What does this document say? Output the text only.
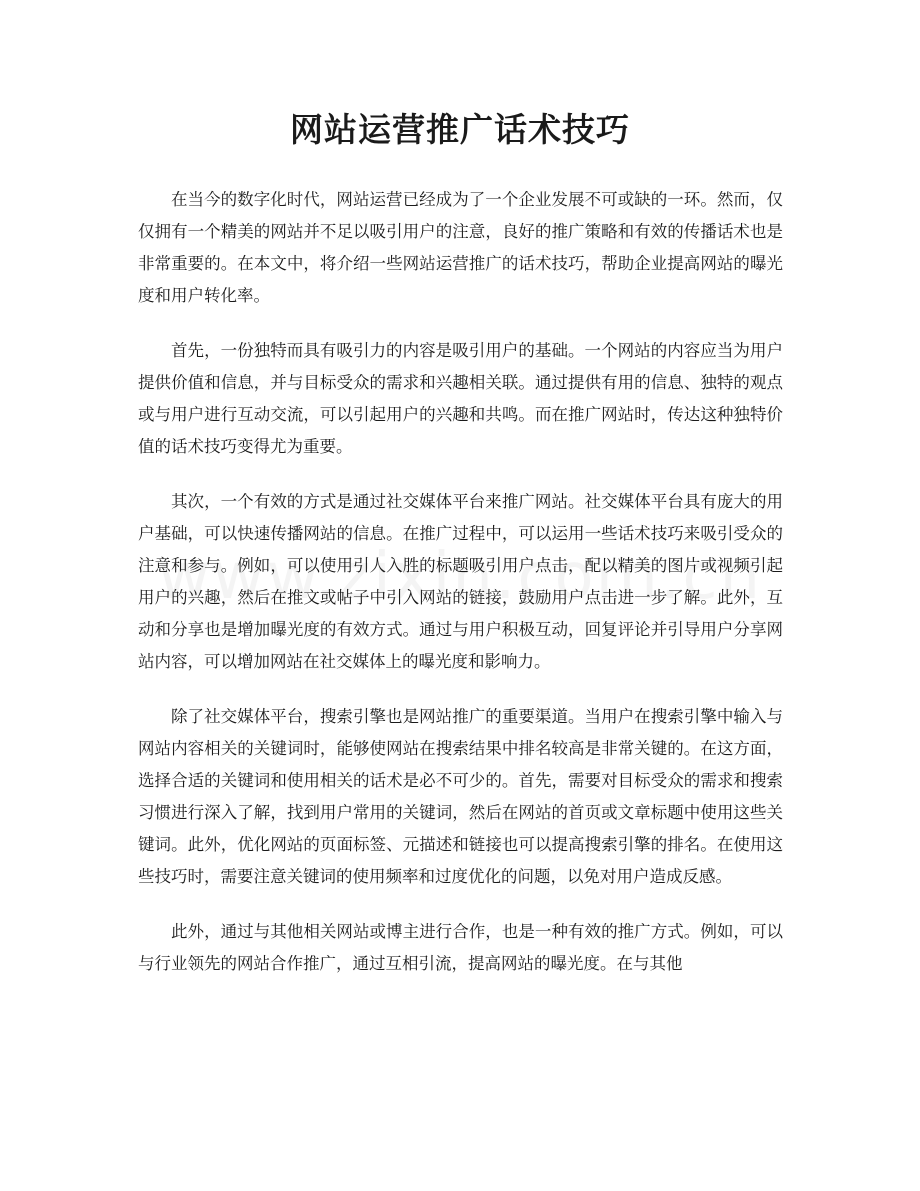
网站运营推广话术技巧

在当今的数字化时代，网站运营已经成为了一个企业发展不可或缺的一环。然而，仅仅拥有一个精美的网站并不足以吸引用户的注意，良好的推广策略和有效的传播话术也是非常重要的。在本文中，将介绍一些网站运营推广的话术技巧，帮助企业提高网站的曝光度和用户转化率。

首先，一份独特而具有吸引力的内容是吸引用户的基础。一个网站的内容应当为用户提供价值和信息，并与目标受众的需求和兴趣相关联。通过提供有用的信息、独特的观点或与用户进行互动交流，可以引起用户的兴趣和共鸣。而在推广网站时，传达这种独特价值的话术技巧变得尤为重要。

其次，一个有效的方式是通过社交媒体平台来推广网站。社交媒体平台具有庞大的用户基础，可以快速传播网站的信息。在推广过程中，可以运用一些话术技巧来吸引受众的注意和参与。例如，可以使用引人入胜的标题吸引用户点击，配以精美的图片或视频引起用户的兴趣，然后在推文或帖子中引入网站的链接，鼓励用户点击进一步了解。此外，互动和分享也是增加曝光度的有效方式。通过与用户积极互动，回复评论并引导用户分享网站内容，可以增加网站在社交媒体上的曝光度和影响力。

除了社交媒体平台，搜索引擎也是网站推广的重要渠道。当用户在搜索引擎中输入与网站内容相关的关键词时，能够使网站在搜索结果中排名较高是非常关键的。在这方面，选择合适的关键词和使用相关的话术是必不可少的。首先，需要对目标受众的需求和搜索习惯进行深入了解，找到用户常用的关键词，然后在网站的首页或文章标题中使用这些关键词。此外，优化网站的页面标签、元描述和链接也可以提高搜索引擎的排名。在使用这些技巧时，需要注意关键词的使用频率和过度优化的问题，以免对用户造成反感。

此外，通过与其他相关网站或博主进行合作，也是一种有效的推广方式。例如，可以与行业领先的网站合作推广，通过互相引流，提高网站的曝光度。在与其他
